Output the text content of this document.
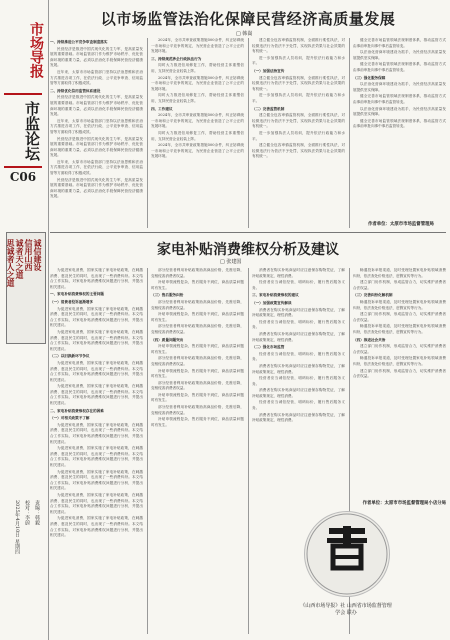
市场导报
市监论坛
C06
诚信建设
信用山西
诚者天之道
思诚者人之道
责编：韩毅
校对：李蔚
2025年4月10日 星期四
以市场监管法治化保障民营经济高质量发展
□ 韩嵩

一、持续推进公平竞争审查制度落实

民营经济是推进中国式现代化的生力军，是高质量发展的重要基础。市场监管部门作为维护市场秩序、优化营商环境的重要力量，必须以法治化手段保障民营经济健康发展。

近年来，太原市市场监管部门坚持以法治思维和法治方式推进各项工作，在依法行政、公平竞争审查、信用监管等方面取得了积极成效。

二、持续优化信用监管体系建设

民营经济是推进中国式现代化的生力军，是高质量发展的重要基础。市场监管部门作为维护市场秩序、优化营商环境的重要力量，必须以法治化手段保障民营经济健康发展。

近年来，太原市市场监管部门坚持以法治思维和法治方式推进各项工作，在依法行政、公平竞争审查、信用监管等方面取得了积极成效。

民营经济是推进中国式现代化的生力军，是高质量发展的重要基础。市场监管部门作为维护市场秩序、优化营商环境的重要力量，必须以法治化手段保障民营经济健康发展。

近年来，太原市市场监管部门坚持以法治思维和法治方式推进各项工作，在依法行政、公平竞争审查、信用监管等方面取得了积极成效。

民营经济是推进中国式现代化的生力军，是高质量发展的重要基础。市场监管部门作为维护市场秩序、优化营商环境的重要力量，必须以法治化手段保障民营经济健康发展。

2024年，全市共审查政策措施500余件，纠正妨碍统一市场和公平竞争的规定，为民营企业营造了公平公正的发展环境。

三、持续规范涉企行政执法行为

同时大力推进信用修复工作，帮助经营主体重塑信用，支持民营企业轻装上阵。

2024年，全市共审查政策措施500余件，纠正妨碍统一市场和公平竞争的规定，为民营企业营造了公平公正的发展环境。

同时大力推进信用修复工作，帮助经营主体重塑信用，支持民营企业轻装上阵。

四、工作建议

2024年，全市共审查政策措施500余件，纠正妨碍统一市场和公平竞争的规定，为民营企业营造了公平公正的发展环境。

同时大力推进信用修复工作，帮助经营主体重塑信用，支持民营企业轻装上阵。

2024年，全市共审查政策措施500余件，纠正妨碍统一市场和公平竞争的规定，为民营企业营造了公平公正的发展环境。

建立健全包容审慎监管机制，全面推行柔性执法，对轻微违法行为依法不予处罚，实现执法效果与社会效果的有机统一。

进一步加强执法人员培训，提升依法行政能力和水平。

（一）加强法治宣传

建立健全包容审慎监管机制，全面推行柔性执法，对轻微违法行为依法不予处罚，实现执法效果与社会效果的有机统一。

进一步加强执法人员培训，提升依法行政能力和水平。

（二）完善监管机制

建立健全包容审慎监管机制，全面推行柔性执法，对轻微违法行为依法不予处罚，实现执法效果与社会效果的有机统一。

进一步加强执法人员培训，提升依法行政能力和水平。

建立健全包容审慎监管机制，全面推行柔性执法，对轻微违法行为依法不予处罚，实现执法效果与社会效果的有机统一。

健全完善市场监管领域法规制度体系，推动监管方式由事前审批向事中事后监管转变。

以法治化营商环境建设为抓手，为民营经济高质量发展提供坚实保障。

健全完善市场监管领域法规制度体系，推动监管方式由事前审批向事中事后监管转变。

（三）强化服务保障

以法治化营商环境建设为抓手，为民营经济高质量发展提供坚实保障。

健全完善市场监管领域法规制度体系，推动监管方式由事前审批向事中事后监管转变。

以法治化营商环境建设为抓手，为民营经济高质量发展提供坚实保障。

健全完善市场监管领域法规制度体系，推动监管方式由事前审批向事中事后监管转变。

作者单位：太原市市场监督管理局
家电补贴消费维权分析及建议
□ 张建国

为促进家电消费，国家实施了家电补贴政策，在刺激消费、惠及民生的同时，也出现了一些消费纠纷。本文结合工作实际，对家电补贴消费维权问题进行分析，并提出相关建议。

一、家电补贴消费维权的主要问题

（一）消费者投诉逐渐增多

为促进家电消费，国家实施了家电补贴政策，在刺激消费、惠及民生的同时，也出现了一些消费纠纷。本文结合工作实际，对家电补贴消费维权问题进行分析，并提出相关建议。

为促进家电消费，国家实施了家电补贴政策，在刺激消费、惠及民生的同时，也出现了一些消费纠纷。本文结合工作实际，对家电补贴消费维权问题进行分析，并提出相关建议。

（二）以旧换新环节争议

为促进家电消费，国家实施了家电补贴政策，在刺激消费、惠及民生的同时，也出现了一些消费纠纷。本文结合工作实际，对家电补贴消费维权问题进行分析，并提出相关建议。

为促进家电消费，国家实施了家电补贴政策，在刺激消费、惠及民生的同时，也出现了一些消费纠纷。本文结合工作实际，对家电补贴消费维权问题进行分析，并提出相关建议。

二、家电补贴消费维权存在的困难

（一）对相关政策不了解

为促进家电消费，国家实施了家电补贴政策，在刺激消费、惠及民生的同时，也出现了一些消费纠纷。本文结合工作实际，对家电补贴消费维权问题进行分析，并提出相关建议。

为促进家电消费，国家实施了家电补贴政策，在刺激消费、惠及民生的同时，也出现了一些消费纠纷。本文结合工作实际，对家电补贴消费维权问题进行分析，并提出相关建议。

为促进家电消费，国家实施了家电补贴政策，在刺激消费、惠及民生的同时，也出现了一些消费纠纷。本文结合工作实际，对家电补贴消费维权问题进行分析，并提出相关建议。

为促进家电消费，国家实施了家电补贴政策，在刺激消费、惠及民生的同时，也出现了一些消费纠纷。本文结合工作实际，对家电补贴消费维权问题进行分析，并提出相关建议。

为促进家电消费，国家实施了家电补贴政策，在刺激消费、惠及民生的同时，也出现了一些消费纠纷。本文结合工作实际，对家电补贴消费维权问题进行分析，并提出相关建议。

部分经营者利用补贴政策抬高商品价格，先涨后降，变相侵害消费者权益。

补贴申领流程复杂，售后服务不到位，商品质量问题时有发生。

（三）售后服务纠纷

部分经营者利用补贴政策抬高商品价格，先涨后降，变相侵害消费者权益。

补贴申领流程复杂，售后服务不到位，商品质量问题时有发生。

部分经营者利用补贴政策抬高商品价格，先涨后降，变相侵害消费者权益。

（四）质量问题突出

补贴申领流程复杂，售后服务不到位，商品质量问题时有发生。

部分经营者利用补贴政策抬高商品价格，先涨后降，变相侵害消费者权益。

补贴申领流程复杂，售后服务不到位，商品质量问题时有发生。

部分经营者利用补贴政策抬高商品价格，先涨后降，变相侵害消费者权益。

补贴申领流程复杂，售后服务不到位，商品质量问题时有发生。

部分经营者利用补贴政策抬高商品价格，先涨后降，变相侵害消费者权益。

补贴申领流程复杂，售后服务不到位，商品质量问题时有发生。

消费者在购买补贴商品时应注意保存购物凭证，了解补贴政策规定，理性消费。

经营者应当诚信经营，明码标价，履行售后服务义务。

三、家电补贴消费维权的建议

（一）加强政策宣传解读

消费者在购买补贴商品时应注意保存购物凭证，了解补贴政策规定，理性消费。

经营者应当诚信经营，明码标价，履行售后服务义务。

消费者在购买补贴商品时应注意保存购物凭证，了解补贴政策规定，理性消费。

（二）强化市场监管

经营者应当诚信经营，明码标价，履行售后服务义务。

消费者在购买补贴商品时应注意保存购物凭证，了解补贴政策规定，理性消费。

经营者应当诚信经营，明码标价，履行售后服务义务。

消费者在购买补贴商品时应注意保存购物凭证，了解补贴政策规定，理性消费。

经营者应当诚信经营，明码标价，履行售后服务义务。

消费者在购买补贴商品时应注意保存购物凭证，了解补贴政策规定，理性消费。

畅通投诉举报渠道，及时受理处置家电补贴领域消费纠纷，依法查处价格违法、虚假宣传等行为。

建立部门协作机制，形成监管合力，切实维护消费者合法权益。

（三）完善纠纷化解机制

畅通投诉举报渠道，及时受理处置家电补贴领域消费纠纷，依法查处价格违法、虚假宣传等行为。

建立部门协作机制，形成监管合力，切实维护消费者合法权益。

畅通投诉举报渠道，及时受理处置家电补贴领域消费纠纷，依法查处价格违法、虚假宣传等行为。

（四）推进社会共治

建立部门协作机制，形成监管合力，切实维护消费者合法权益。

畅通投诉举报渠道，及时受理处置家电补贴领域消费纠纷，依法查处价格违法、虚假宣传等行为。

建立部门协作机制，形成监管合力，切实维护消费者合法权益。

作者单位：太原市市场监督管理局小店分局
《山西市场导报》社 山西省市场监督管理学会 联办
